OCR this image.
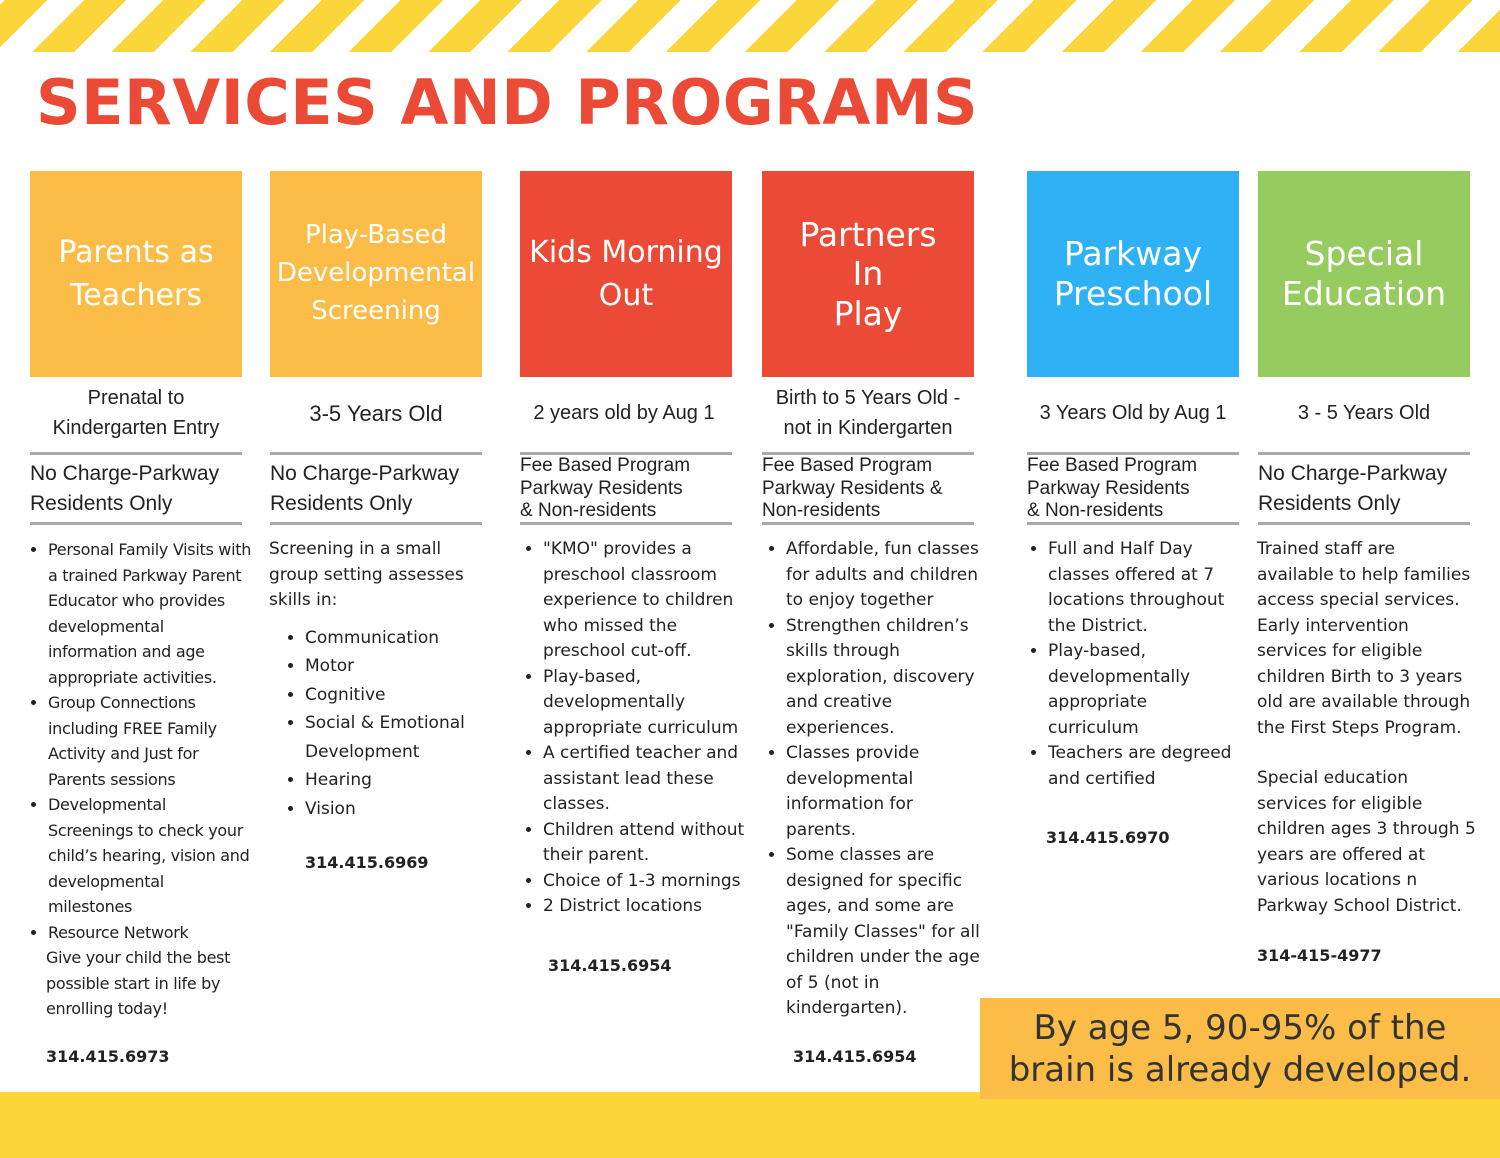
SERVICES AND PROGRAMS
Parents as
Teachers
Prenatal to
Kindergarten Entry
No Charge-Parkway
Residents Only
• Personal Family Visits with a trained Parkway Parent Educator who provides developmental information and age appropriate activities.
• Group Connections including FREE Family Activity and Just for Parents sessions
• Developmental Screenings to check your child’s hearing, vision and developmental milestones
• Resource Network

Give your child the best
possible start in life by
enrolling today!

314.415.6973
Play-Based
Developmental
Screening
3-5 Years Old
No Charge-Parkway
Residents Only

Screening in a small
group setting assesses
skills in:

• Communication
• Motor
• Cognitive
• Social & Emotional Development
• Hearing
• Vision
314.415.6969
Kids Morning
Out
2 years old by Aug 1
Fee Based Program
Parkway Residents
& Non-residents
• "KMO" provides a preschool classroom experience to children who missed the preschool cut-off.
• Play-based, developmentally appropriate curriculum
• A certified teacher and assistant lead these classes.
• Children attend without their parent.
• Choice of 1-3 mornings
• 2 District locations
314.415.6954
Partners
In
Play
Birth to 5 Years Old -
not in Kindergarten
Fee Based Program
Parkway Residents &
Non-residents
• Affordable, fun classes for adults and children to enjoy together
• Strengthen children’s skills through exploration, discovery and creative experiences.
• Classes provide developmental information for parents.
• Some classes are designed for specific ages, and some are "Family Classes" for all children under the age of 5 (not in kindergarten).
314.415.6954
Parkway
Preschool
3 Years Old by Aug 1
Fee Based Program
Parkway Residents
& Non-residents
• Full and Half Day classes offered at 7 locations throughout the District.
• Play-based, developmentally appropriate curriculum
• Teachers are degreed and certified
314.415.6970
Special
Education
3 - 5 Years Old
No Charge-Parkway
Residents Only

Trained staff are
available to help families
access special services.
Early intervention
services for eligible
children Birth to 3 years
old are available through
the First Steps Program.

Special education
services for eligible
children ages 3 through 5
years are offered at
various locations n
Parkway School District.

314-415-4977
By age 5, 90-95% of the
brain is already developed.
